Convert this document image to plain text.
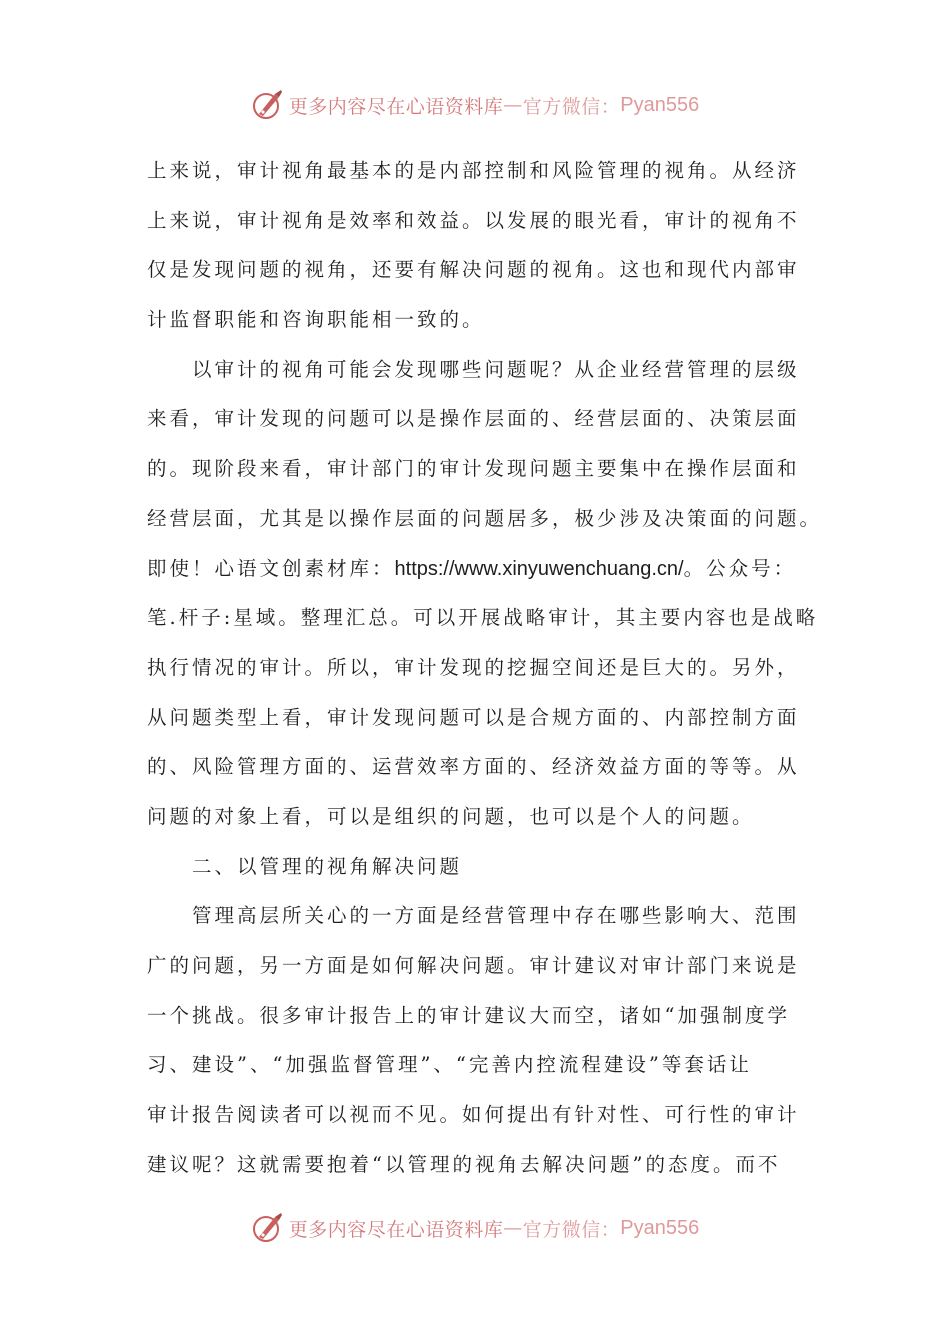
更多内容尽在心语资料库 — 官方微信： Pyan556
上来说，审计视角最基本的是内部控制和风险管理的视角。从经济
上来说，审计视角是效率和效益。以发展的眼光看，审计的视角不
仅是发现问题的视角，还要有解决问题的视角。这也和现代内部审
计监督职能和咨询职能相一致的。
　　以审计的视角可能会发现哪些问题呢？从企业经营管理的层级
来看，审计发现的问题可以是操作层面的、经营层面的、决策层面
的。现阶段来看，审计部门的审计发现问题主要集中在操作层面和
经营层面，尤其是以操作层面的问题居多，极少涉及决策面的问题。
即使！心语文创素材库：https://www.xinyuwenchuang.cn/。公众号：
笔.杆子:星域。整理汇总。可以开展战略审计，其主要内容也是战略
执行情况的审计。所以，审计发现的挖掘空间还是巨大的。另外，
从问题类型上看，审计发现问题可以是合规方面的、内部控制方面
的、风险管理方面的、运营效率方面的、经济效益方面的等等。从
问题的对象上看，可以是组织的问题，也可以是个人的问题。
　　二、以管理的视角解决问题
　　管理高层所关心的一方面是经营管理中存在哪些影响大、范围
广的问题，另一方面是如何解决问题。审计建议对审计部门来说是
一个挑战。很多审计报告上的审计建议大而空，诸如“加强制度学
习、建设”、“加强监督管理”、“完善内控流程建设”等套话让
审计报告阅读者可以视而不见。如何提出有针对性、可行性的审计
建议呢？这就需要抱着“以管理的视角去解决问题”的态度。而不
更多内容尽在心语资料库 — 官方微信： Pyan556
